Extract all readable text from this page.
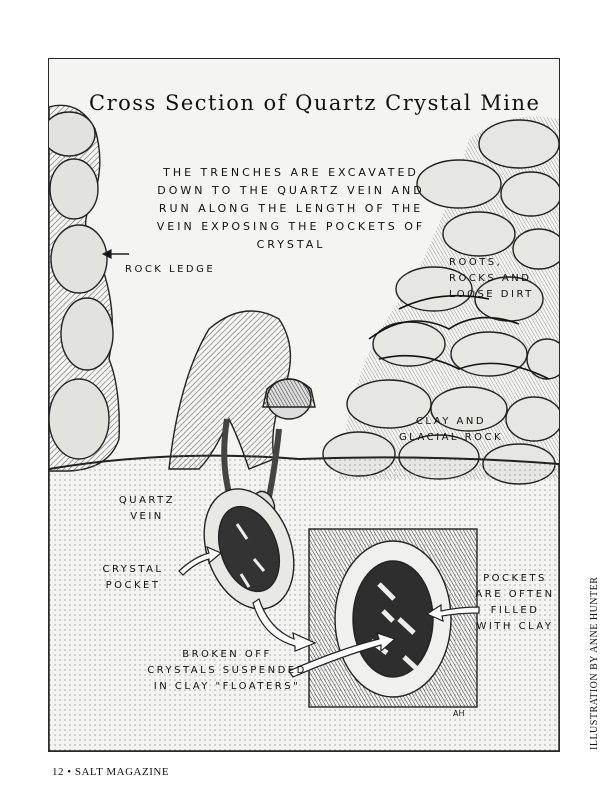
Cross Section of Quartz Crystal Mine
THE TRENCHES ARE EXCAVATED DOWN TO THE QUARTZ VEIN AND RUN ALONG THE LENGTH OF THE VEIN EXPOSING THE POCKETS OF CRYSTAL
ROCK LEDGE
ROOTS, ROCKS AND LOOSE DIRT
CLAY AND GLACIAL ROCK
QUARTZ VEIN
CRYSTAL POCKET
POCKETS ARE OFTEN FILLED WITH CLAY
BROKEN OFF CRYSTALS SUSPENDED IN CLAY "FLOATERS"
AH
12 • SALT MAGAZINE
ILLUSTRATION BY ANNE HUNTER
